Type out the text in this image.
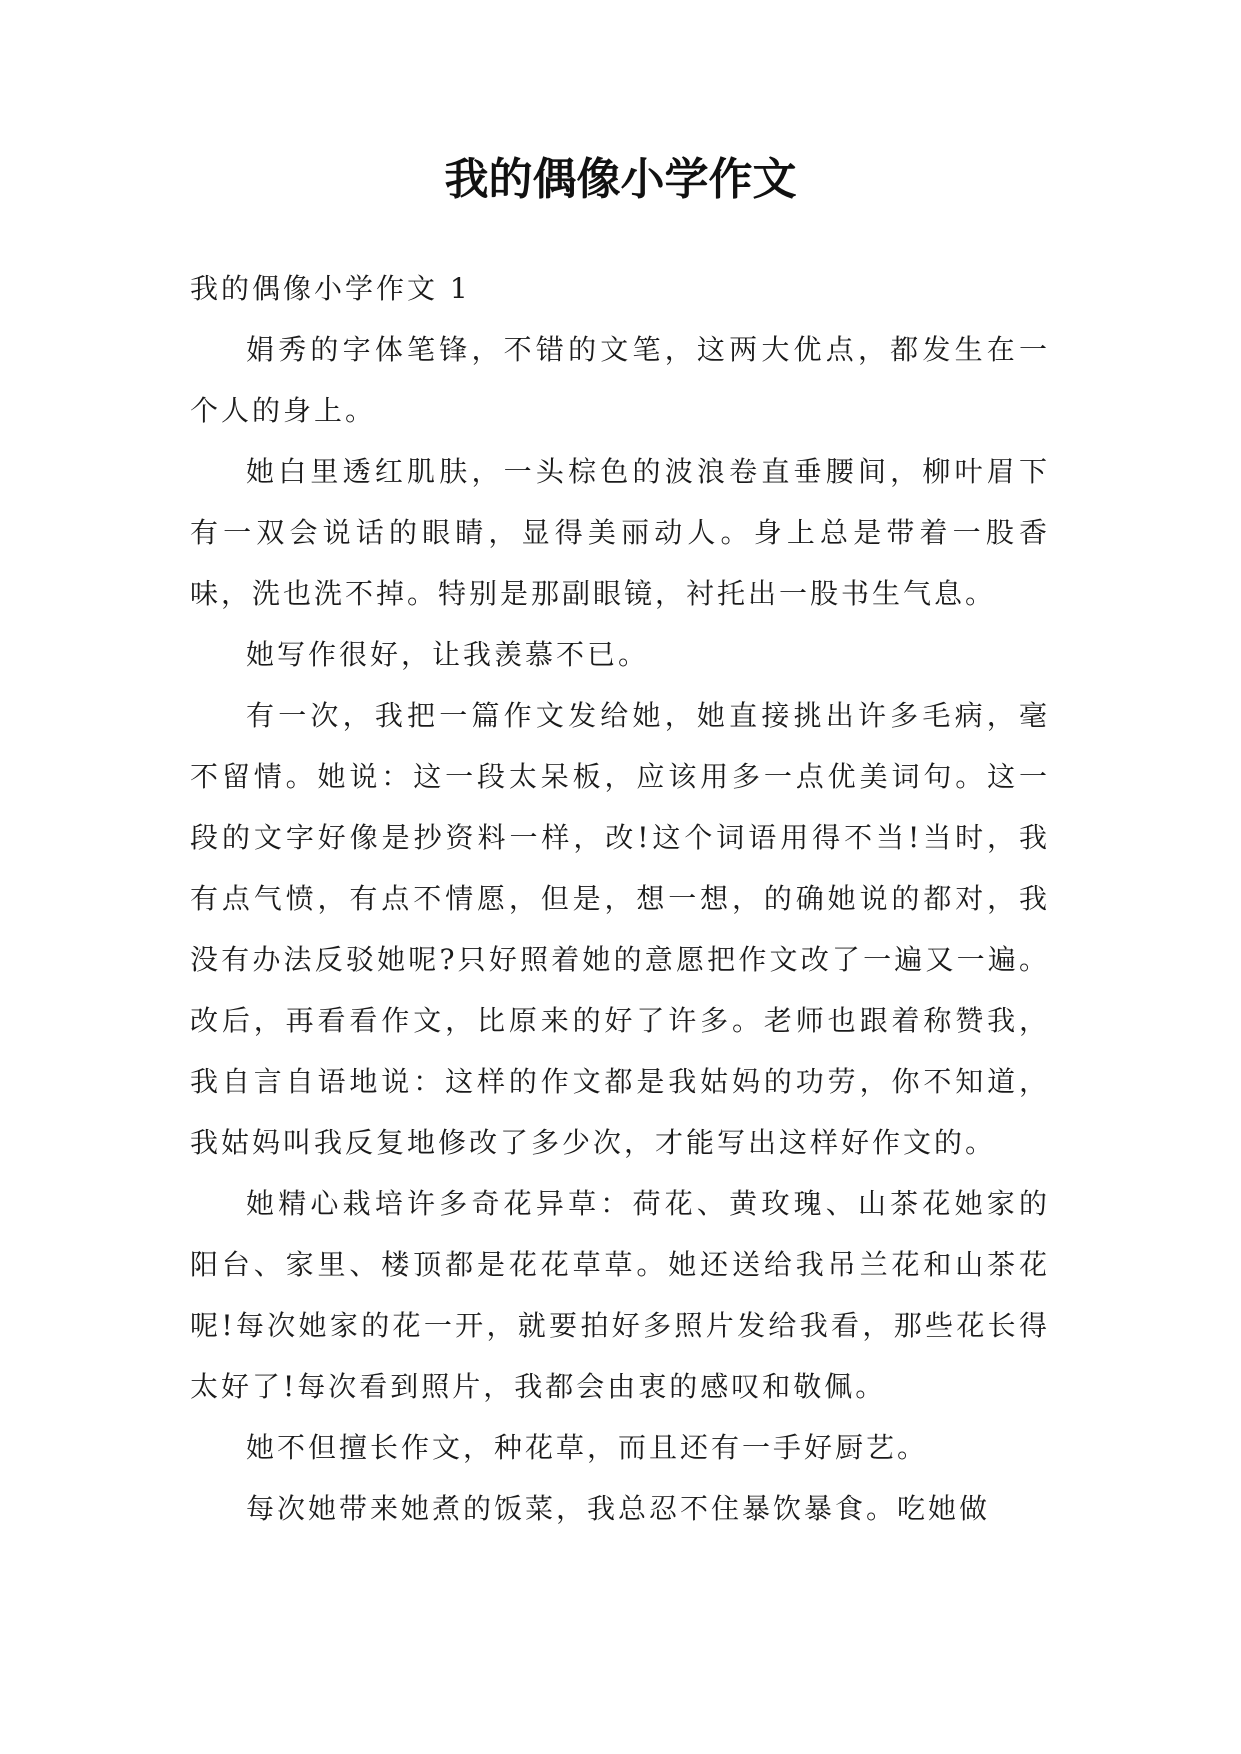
我的偶像小学作文
我的偶像小学作文 1

娟秀的字体笔锋，不错的文笔，这两大优点，都发生在一个人的身上。

她白里透红肌肤，一头棕色的波浪卷直垂腰间，柳叶眉下有一双会说话的眼睛，显得美丽动人。身上总是带着一股香味，洗也洗不掉。特别是那副眼镜，衬托出一股书生气息。

她写作很好，让我羡慕不已。

有一次，我把一篇作文发给她，她直接挑出许多毛病，毫不留情。她说：这一段太呆板，应该用多一点优美词句。这一段的文字好像是抄资料一样，改!这个词语用得不当!当时，我有点气愤，有点不情愿，但是，想一想，的确她说的都对，我没有办法反驳她呢?只好照着她的意愿把作文改了一遍又一遍。改后，再看看作文，比原来的好了许多。老师也跟着称赞我，我自言自语地说：这样的作文都是我姑妈的功劳，你不知道，我姑妈叫我反复地修改了多少次，才能写出这样好作文的。

她精心栽培许多奇花异草：荷花、黄玫瑰、山茶花她家的阳台、家里、楼顶都是花花草草。她还送给我吊兰花和山茶花呢!每次她家的花一开，就要拍好多照片发给我看，那些花长得太好了!每次看到照片，我都会由衷的感叹和敬佩。

她不但擅长作文，种花草，而且还有一手好厨艺。

每次她带来她煮的饭菜，我总忍不住暴饮暴食。吃她做
